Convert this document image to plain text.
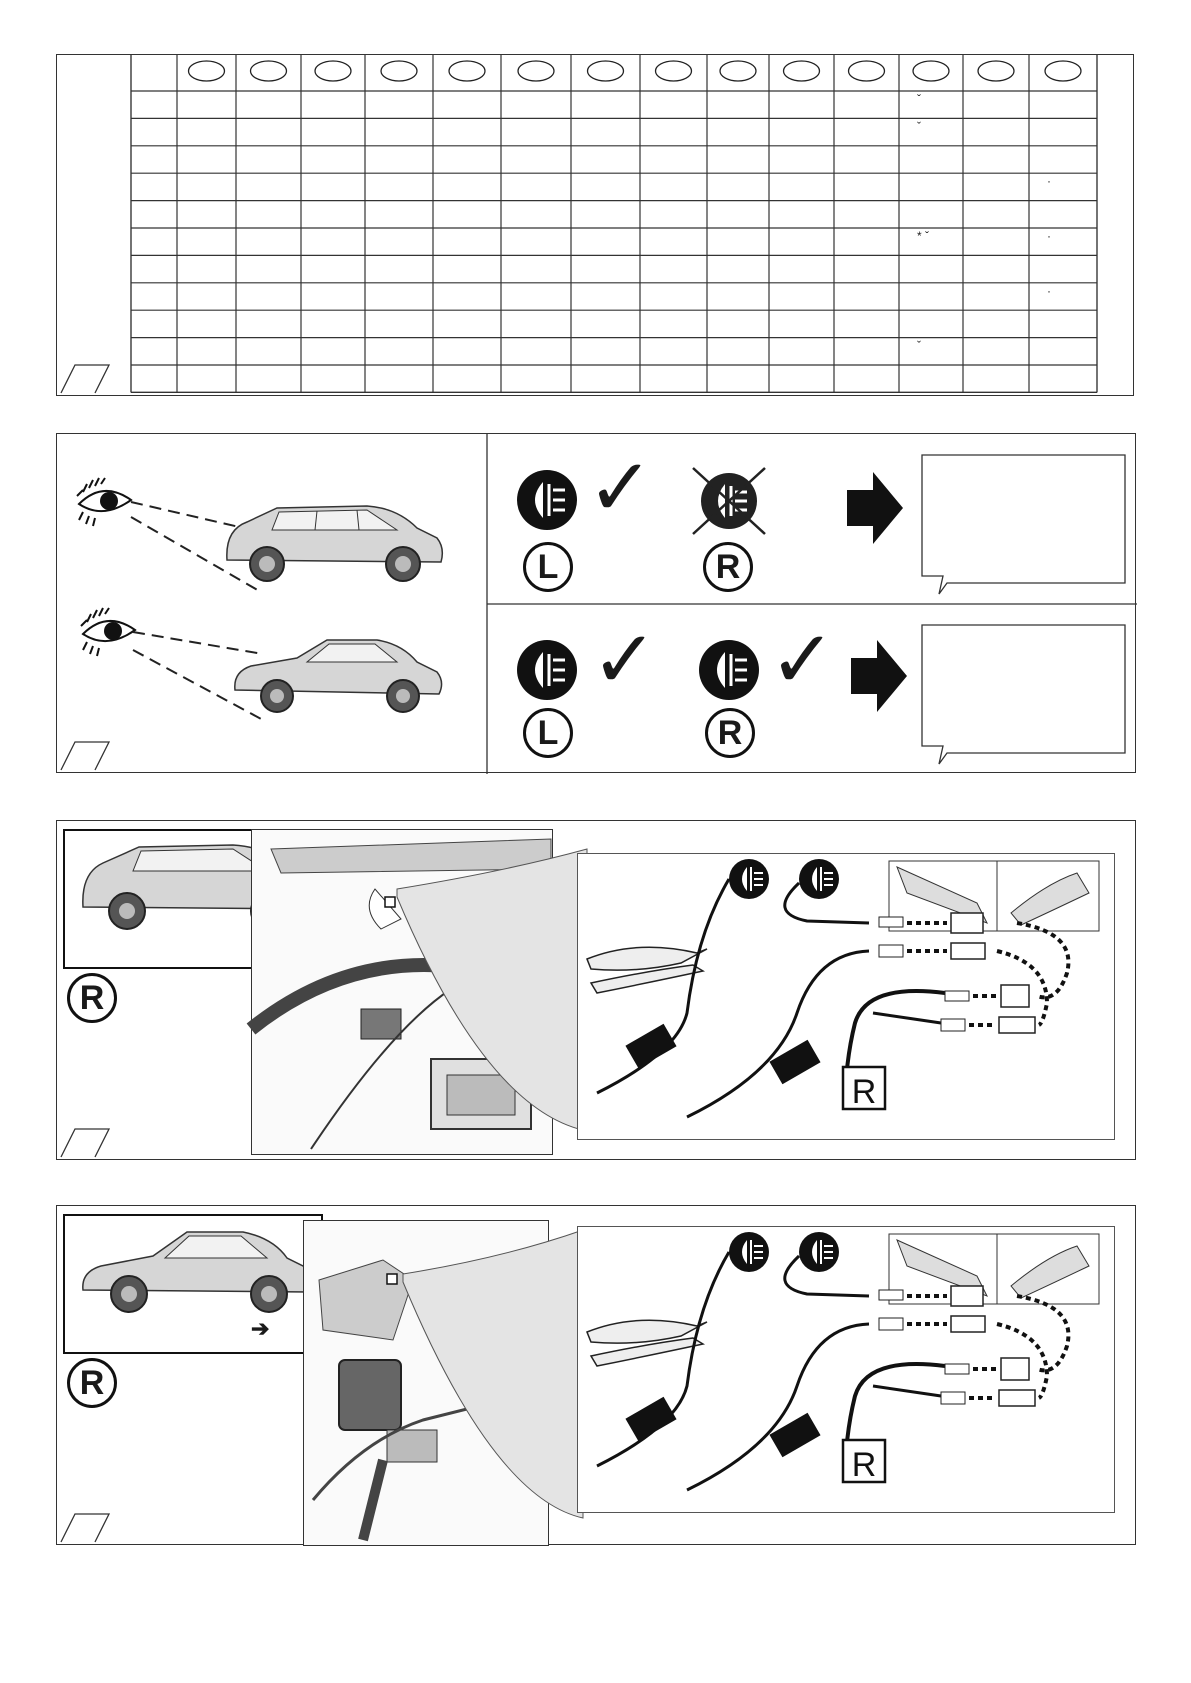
ˇ
ˇ
·
* ˇ	·
·
ˇ
✓
L	R
✓
L
✓
R
R
R
➔
R
R
